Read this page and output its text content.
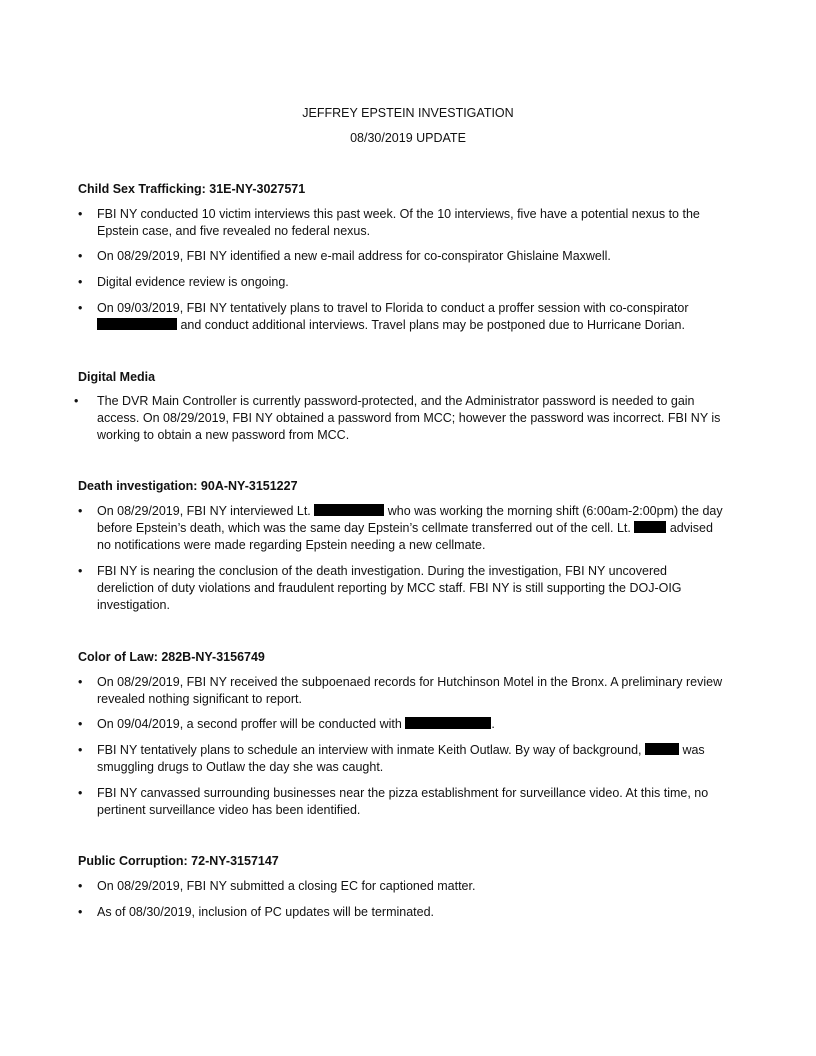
JEFFREY EPSTEIN INVESTIGATION
08/30/2019 UPDATE
Child Sex Trafficking: 31E-NY-3027571
• FBI NY conducted 10 victim interviews this past week. Of the 10 interviews, five have a potential nexus to the Epstein case, and five revealed no federal nexus.
• On 08/29/2019, FBI NY identified a new e-mail address for co-conspirator Ghislaine Maxwell.
• Digital evidence review is ongoing.
• On 09/03/2019, FBI NY tentatively plans to travel to Florida to conduct a proffer session with co-conspirator
and conduct additional interviews. Travel plans may be postponed due to Hurricane Dorian.
Digital Media
• The DVR Main Controller is currently password-protected, and the Administrator password is needed to gain access. On 08/29/2019, FBI NY obtained a password from MCC; however the password was incorrect. FBI NY is working to obtain a new password from MCC.
Death investigation: 90A-NY-3151227
• On 08/29/2019, FBI NY interviewed Lt.	who was working the morning shift (6:00am-2:00pm) the day before Epstein’s death, which was the same day Epstein’s cellmate transferred out of the cell. Lt.	advised no notifications were made regarding Epstein needing a new cellmate.
• FBI NY is nearing the conclusion of the death investigation. During the investigation, FBI NY uncovered dereliction of duty violations and fraudulent reporting by MCC staff. FBI NY is still supporting the DOJ-OIG investigation.
Color of Law: 282B-NY-3156749
• On 08/29/2019, FBI NY received the subpoenaed records for Hutchinson Motel in the Bronx. A preliminary review revealed nothing significant to report.
• On 09/04/2019, a second proffer will be conducted with	.
• FBI NY tentatively plans to schedule an interview with inmate Keith Outlaw. By way of background,	was smuggling drugs to Outlaw the day she was caught.
• FBI NY canvassed surrounding businesses near the pizza establishment for surveillance video. At this time, no pertinent surveillance video has been identified.
Public Corruption: 72-NY-3157147
• On 08/29/2019, FBI NY submitted a closing EC for captioned matter.
• As of 08/30/2019, inclusion of PC updates will be terminated.
